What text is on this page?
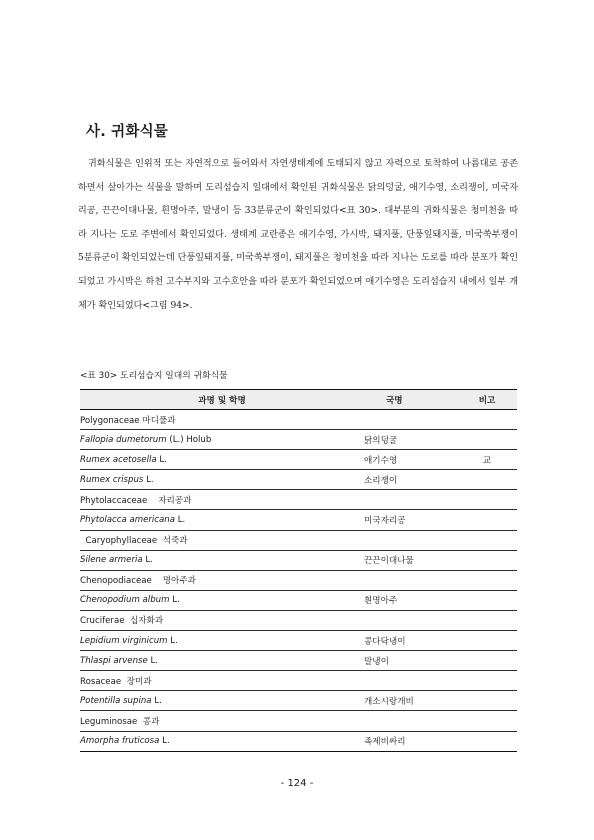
사. 귀화식물

귀화식물은 인위적 또는 자연적으로 들어와서 자연생태계에 도태되지 않고 자력으로 토착하여 나름대로 공존하면서 살아가는 식물을 말하며 도리섬습지 일대에서 확인된 귀화식물은 닭의덩굴, 애기수영, 소리쟁이, 미국자리공, 끈끈이대나물, 흰명아주, 말냉이 등 33분류군이 확인되었다<표 30>. 대부분의 귀화식물은 청미천을 따라 지나는 도로 주변에서 확인되었다. 생태계 교란종은 애기수영, 가시박, 돼지풀, 단풍잎돼지풀, 미국쑥부쟁이 5분류군이 확인되었는데 단풍잎돼지풀, 미국쑥부쟁이, 돼지풀은 청미천을 따라 지나는 도로를 따라 분포가 확인되었고 가시박은 하천 고수부지와 고수호안을 따라 분포가 확인되었으며 애기수영은 도리섬습지 내에서 일부 개체가 확인되었다<그림 94>.

<표 30> 도리섬습지 일대의 귀화식물
과명 및 학명	국명	비고
Polygonaceae 마디풀과		
Fallopia dumetorum (L.) Holub	닭의덩굴	
Rumex acetosella L.	애기수영	교
Rumex crispus L.	소리쟁이	
Phytolaccaceae    자리공과		
Phytolacca americana L.	미국자리공	
Caryophyllaceae  석죽과		
Silene armeria L.	끈끈이대나물	
Chenopodiaceae    명아주과		
Chenopodium album L.	흰명아주	
Cruciferae  십자화과		
Lepidium virginicum L.	콩다닥냉이	
Thlaspi arvense L.	말냉이	
Rosaceae  장미과		
Potentilla supina L.	개소시랑개비	
Leguminosae  콩과		
Amorpha fruticosa L.	족제비싸리	
- 124 -
